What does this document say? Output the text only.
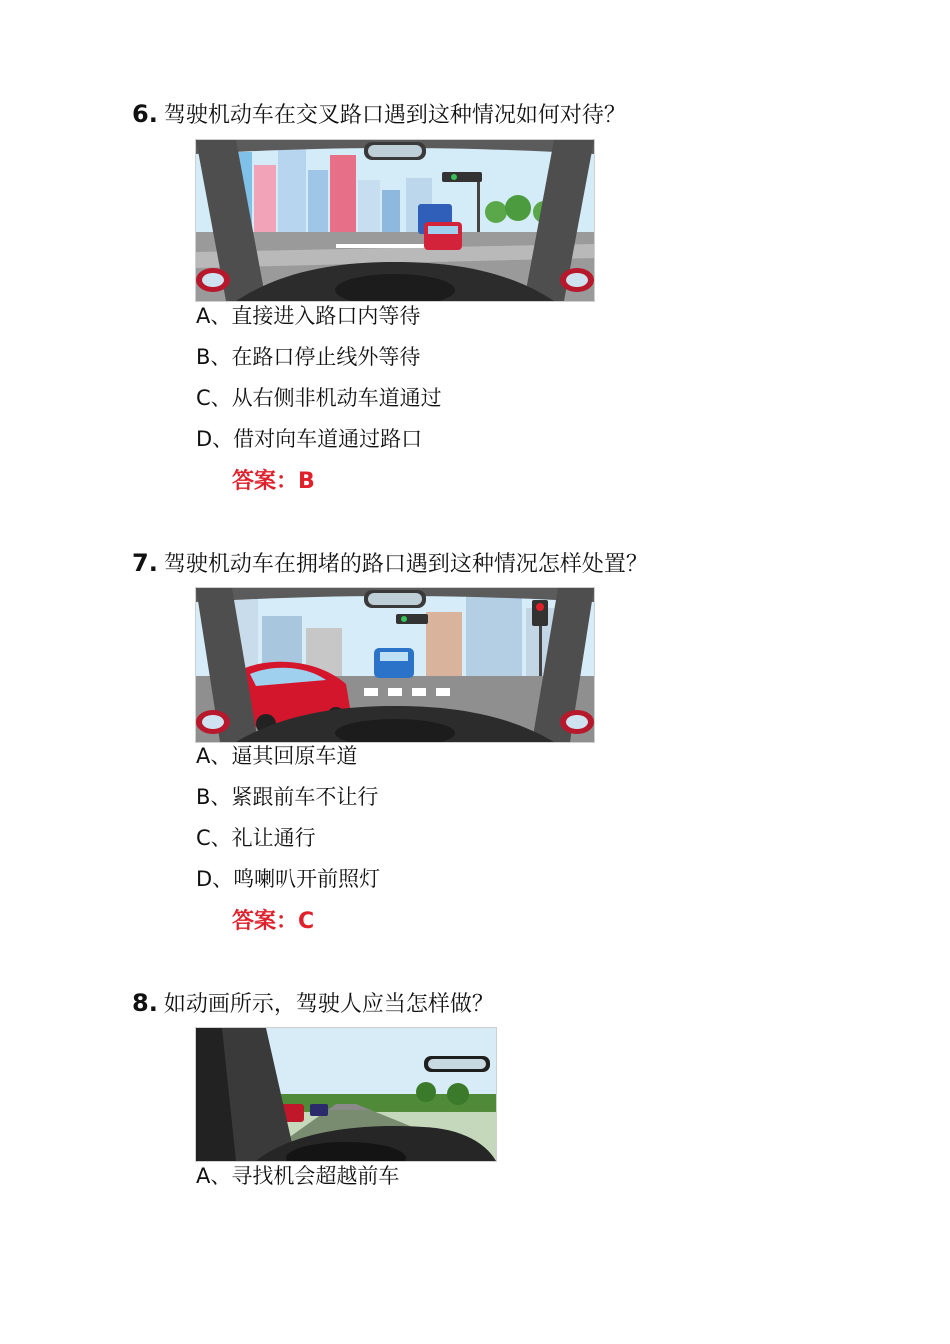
6. 驾驶机动车在交叉路口遇到这种情况如何对待？
A、直接进入路口内等待
B、在路口停止线外等待
C、从右侧非机动车道通过
D、借对向车道通过路口
答案：B
7. 驾驶机动车在拥堵的路口遇到这种情况怎样处置？
A、逼其回原车道
B、紧跟前车不让行
C、礼让通行
D、鸣喇叭开前照灯
答案：C
8. 如动画所示，驾驶人应当怎样做？
A、寻找机会超越前车
